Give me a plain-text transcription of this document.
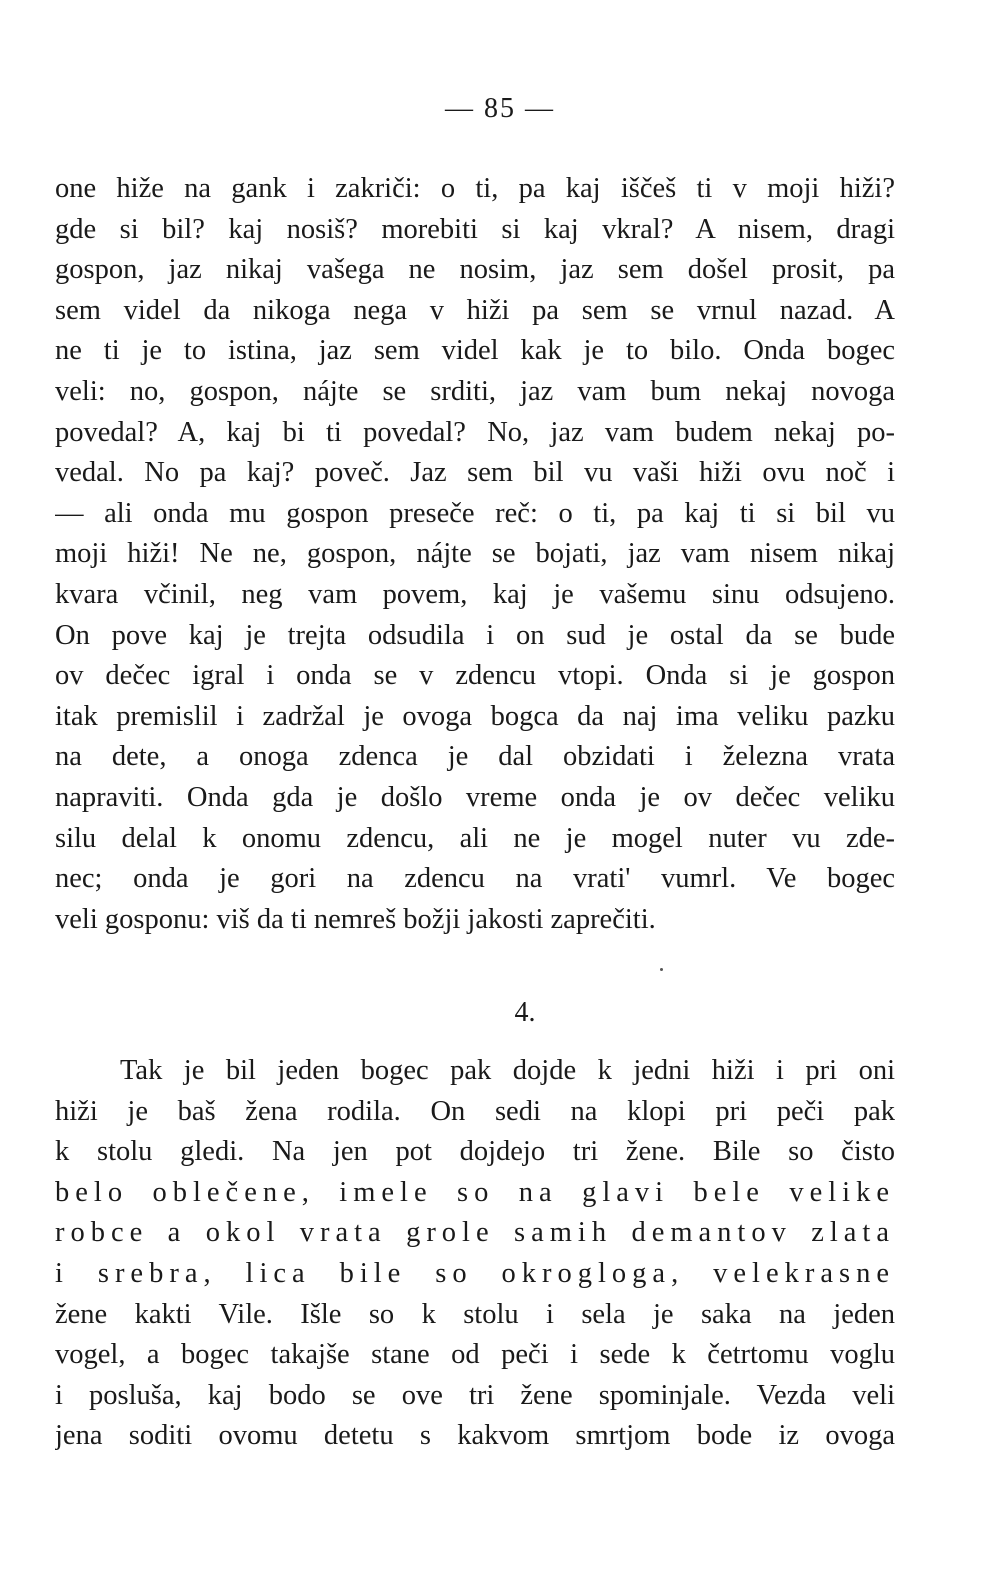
— 85 —
one hiže na gank i zakriči: o ti, pa kaj iščeš ti v moji hiži?
gde si bil? kaj nosiš? morebiti si kaj vkral? A nisem, dragi
gospon, jaz nikaj vašega ne nosim, jaz sem došel prosit, pa
sem videl da nikoga nega v hiži pa sem se vrnul nazad. A
ne ti je to istina, jaz sem videl kak je to bilo. Onda bogec
veli: no, gospon, nájte se srditi, jaz vam bum nekaj novoga
povedal? A, kaj bi ti povedal? No, jaz vam budem nekaj po-
vedal. No pa kaj? poveč. Jaz sem bil vu vaši hiži ovu noč i
— ali onda mu gospon preseče reč: o ti, pa kaj ti si bil vu
moji hiži! Ne ne, gospon, nájte se bojati, jaz vam nisem nikaj
kvara včinil, neg vam povem, kaj je vašemu sinu odsujeno.
On pove kaj je trejta odsudila i on sud je ostal da se bude
ov dečec igral i onda se v zdencu vtopi. Onda si je gospon
itak premislil i zadržal je ovoga bogca da naj ima veliku pazku
na dete, a onoga zdenca je dal obzidati i železna vrata
napraviti. Onda gda je došlo vreme onda je ov dečec veliku
silu delal k onomu zdencu, ali ne je mogel nuter vu zde-
nec; onda je gori na zdencu na vrati' vumrl. Ve bogec
veli gosponu: viš da ti nemreš božji jakosti zaprečiti.
4.
Tak je bil jeden bogec pak dojde k jedni hiži i pri oni
hiži je baš žena rodila. On sedi na klopi pri peči pak
k stolu gledi. Na jen pot dojdejo tri žene. Bile so čisto
belo oblečene, imele so na glavi bele velike
robce a okol vrata grole samih demantov zlata
i srebra, lica bile so okrogloga, velekrasne
žene kakti Vile. Išle so k stolu i sela je saka na jeden
vogel, a bogec takajše stane od peči i sede k četrtomu voglu
i posluša, kaj bodo se ove tri žene spominjale. Vezda veli
jena soditi ovomu detetu s kakvom smrtjom bode iz ovoga
